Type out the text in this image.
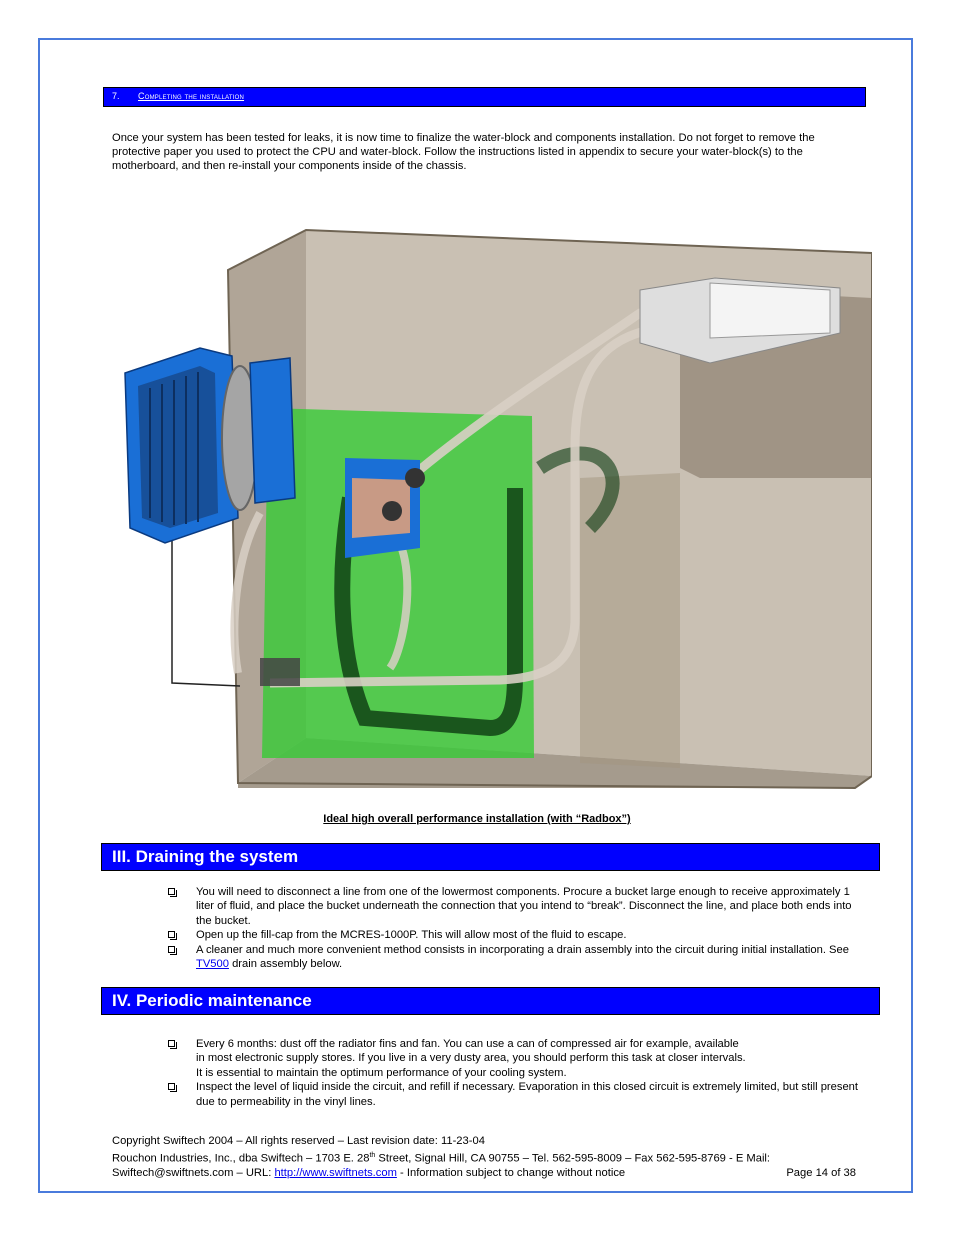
7. Completing the installation
Once your system has been tested for leaks, it is now time to finalize the water-block and components installation. Do not forget to remove the protective paper you used to protect the CPU and water-block. Follow the instructions listed in appendix to secure your water-block(s) to the motherboard, and then re-install your components inside of the chassis.
Ideal high overall performance installation (with “Radbox”)
III. Draining the system
You will need to disconnect a line from one of the lowermost components. Procure a bucket large enough to receive approximately 1 liter of fluid, and place the bucket underneath the connection that you intend to “break”. Disconnect the line, and place both ends into the bucket.
Open up the fill-cap from the MCRES-1000P. This will allow most of the fluid to escape.
A cleaner and much more convenient method consists in incorporating a drain assembly into the circuit during initial installation. See TV500 drain assembly below.
IV. Periodic maintenance
Every 6 months: dust off the radiator fins and fan. You can use a can of compressed air for example, available
in most electronic supply stores. If you live in a very dusty area, you should perform this task at closer intervals.
It is essential to maintain the optimum performance of your cooling system.
Inspect the level of liquid inside the circuit, and refill if necessary. Evaporation in this closed circuit is extremely limited, but still present due to permeability in the vinyl lines.
Copyright Swiftech 2004 – All rights reserved – Last revision date: 11-23-04
Rouchon Industries, Inc., dba Swiftech – 1703 E. 28th Street, Signal Hill, CA 90755 – Tel. 562-595-8009 – Fax 562-595-8769 - E Mail:
Swiftech@swiftnets.com – URL: http://www.swiftnets.com - Information subject to change without notice	Page 14 of 38
